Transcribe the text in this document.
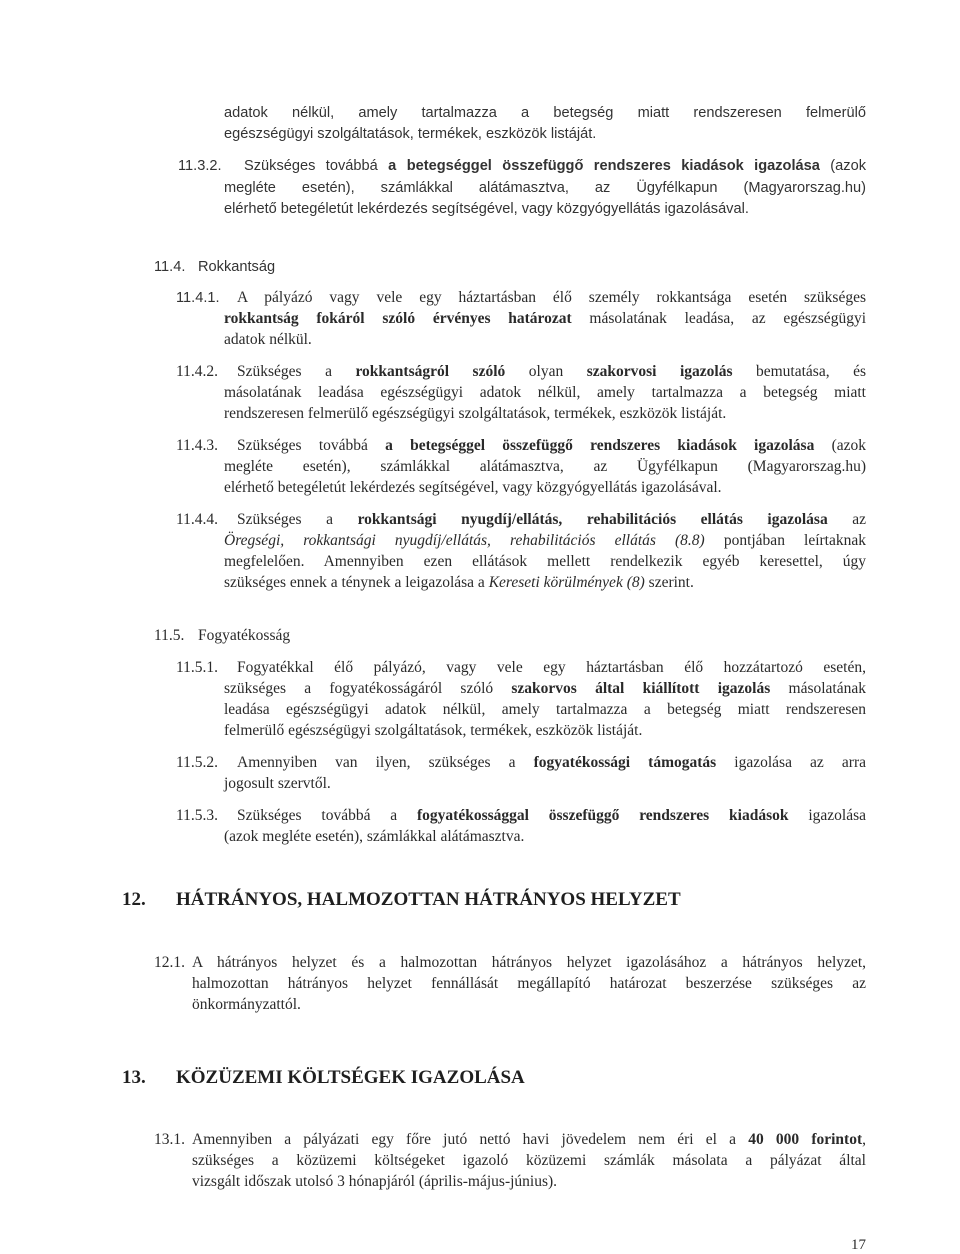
adatok nélkül, amely tartalmazza a betegség miatt rendszeresen felmerülő
egészségügyi szolgáltatások, termékek, eszközök listáját.
11.3.2. Szükséges továbbá a betegséggel összefüggő rendszeres kiadások igazolása (azok
megléte esetén), számlákkal alátámasztva, az Ügyfélkapun (Magyarorszag.hu)
elérhető betegéletút lekérdezés segítségével, vagy közgyógyellátás igazolásával.
11.4. Rokkantság
11.4.1. A pályázó vagy vele egy háztartásban élő személy rokkantsága esetén szükséges
rokkantság fokáról szóló érvényes határozat másolatának leadása, az egészségügyi
adatok nélkül.
11.4.2. Szükséges a rokkantságról szóló olyan szakorvosi igazolás bemutatása, és
másolatának leadása egészségügyi adatok nélkül, amely tartalmazza a betegség miatt
rendszeresen felmerülő egészségügyi szolgáltatások, termékek, eszközök listáját.
11.4.3. Szükséges továbbá a betegséggel összefüggő rendszeres kiadások igazolása (azok
megléte esetén), számlákkal alátámasztva, az Ügyfélkapun (Magyarorszag.hu)
elérhető betegéletút lekérdezés segítségével, vagy közgyógyellátás igazolásával.
11.4.4. Szükséges a rokkantsági nyugdíj/ellátás, rehabilitációs ellátás igazolása az
Öregségi, rokkantsági nyugdíj/ellátás, rehabilitációs ellátás (8.8) pontjában leírtaknak
megfelelően. Amennyiben ezen ellátások mellett rendelkezik egyéb keresettel, úgy
szükséges ennek a ténynek a leigazolása a Kereseti körülmények (8) szerint.
11.5. Fogyatékosság
11.5.1. Fogyatékkal élő pályázó, vagy vele egy háztartásban élő hozzátartozó esetén,
szükséges a fogyatékosságáról szóló szakorvos által kiállított igazolás másolatának
leadása egészségügyi adatok nélkül, amely tartalmazza a betegség miatt rendszeresen
felmerülő egészségügyi szolgáltatások, termékek, eszközök listáját.
11.5.2. Amennyiben van ilyen, szükséges a fogyatékossági támogatás igazolása az arra
jogosult szervtől.
11.5.3. Szükséges továbbá a fogyatékossággal összefüggő rendszeres kiadások igazolása
(azok megléte esetén), számlákkal alátámasztva.
12. HÁTRÁNYOS, HALMOZOTTAN HÁTRÁNYOS HELYZET
12.1. A hátrányos helyzet és a halmozottan hátrányos helyzet igazolásához a hátrányos helyzet,
halmozottan hátrányos helyzet fennállását megállapító határozat beszerzése szükséges az
önkormányzattól.
13. KÖZÜZEMI KÖLTSÉGEK IGAZOLÁSA
13.1. Amennyiben a pályázati egy főre jutó nettó havi jövedelem nem éri el a 40 000 forintot,
szükséges a közüzemi költségeket igazoló közüzemi számlák másolata a pályázat által
vizsgált időszak utolsó 3 hónapjáról (április-május-június).
17
